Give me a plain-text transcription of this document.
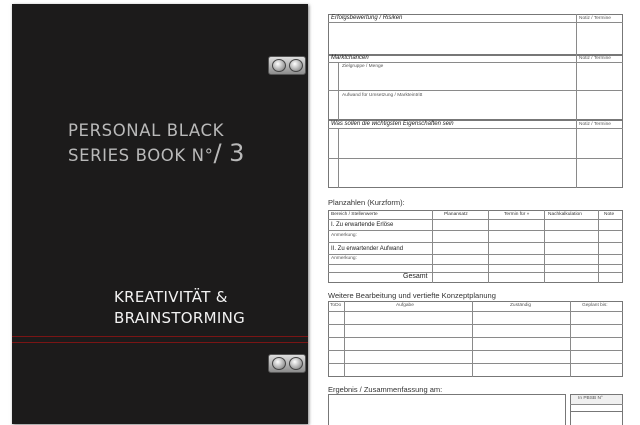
PERSONAL BLACK
SERIES BOOK N°/ 3
KREATIVITÄT &
BRAINSTORMING
Erfolgsbewertung / Risiken	Notiz / Termine
Marktchancen	Notiz / Termine
Zielgruppe / Menge
Aufwand für Umsetzung / Markteintritt
Was sollen die wichtigsten Eigenschaften sein	Notiz / Termine
Planzahlen (Kurzform):
Bereich / Stellenwerte	Planansatz	Termin für »	Nachkalkulation	Note
I. Zu erwartende Erlöse
Anmerkung:
II. Zu erwartender Aufwand
Anmerkung:
Gesamt
Weitere Bearbeitung und vertiefte Konzeptplanung
ToDo	Aufgabe	Zuständig	Geplant bis:
Ergebnis / Zusammenfassung am:
In PBSB N°
